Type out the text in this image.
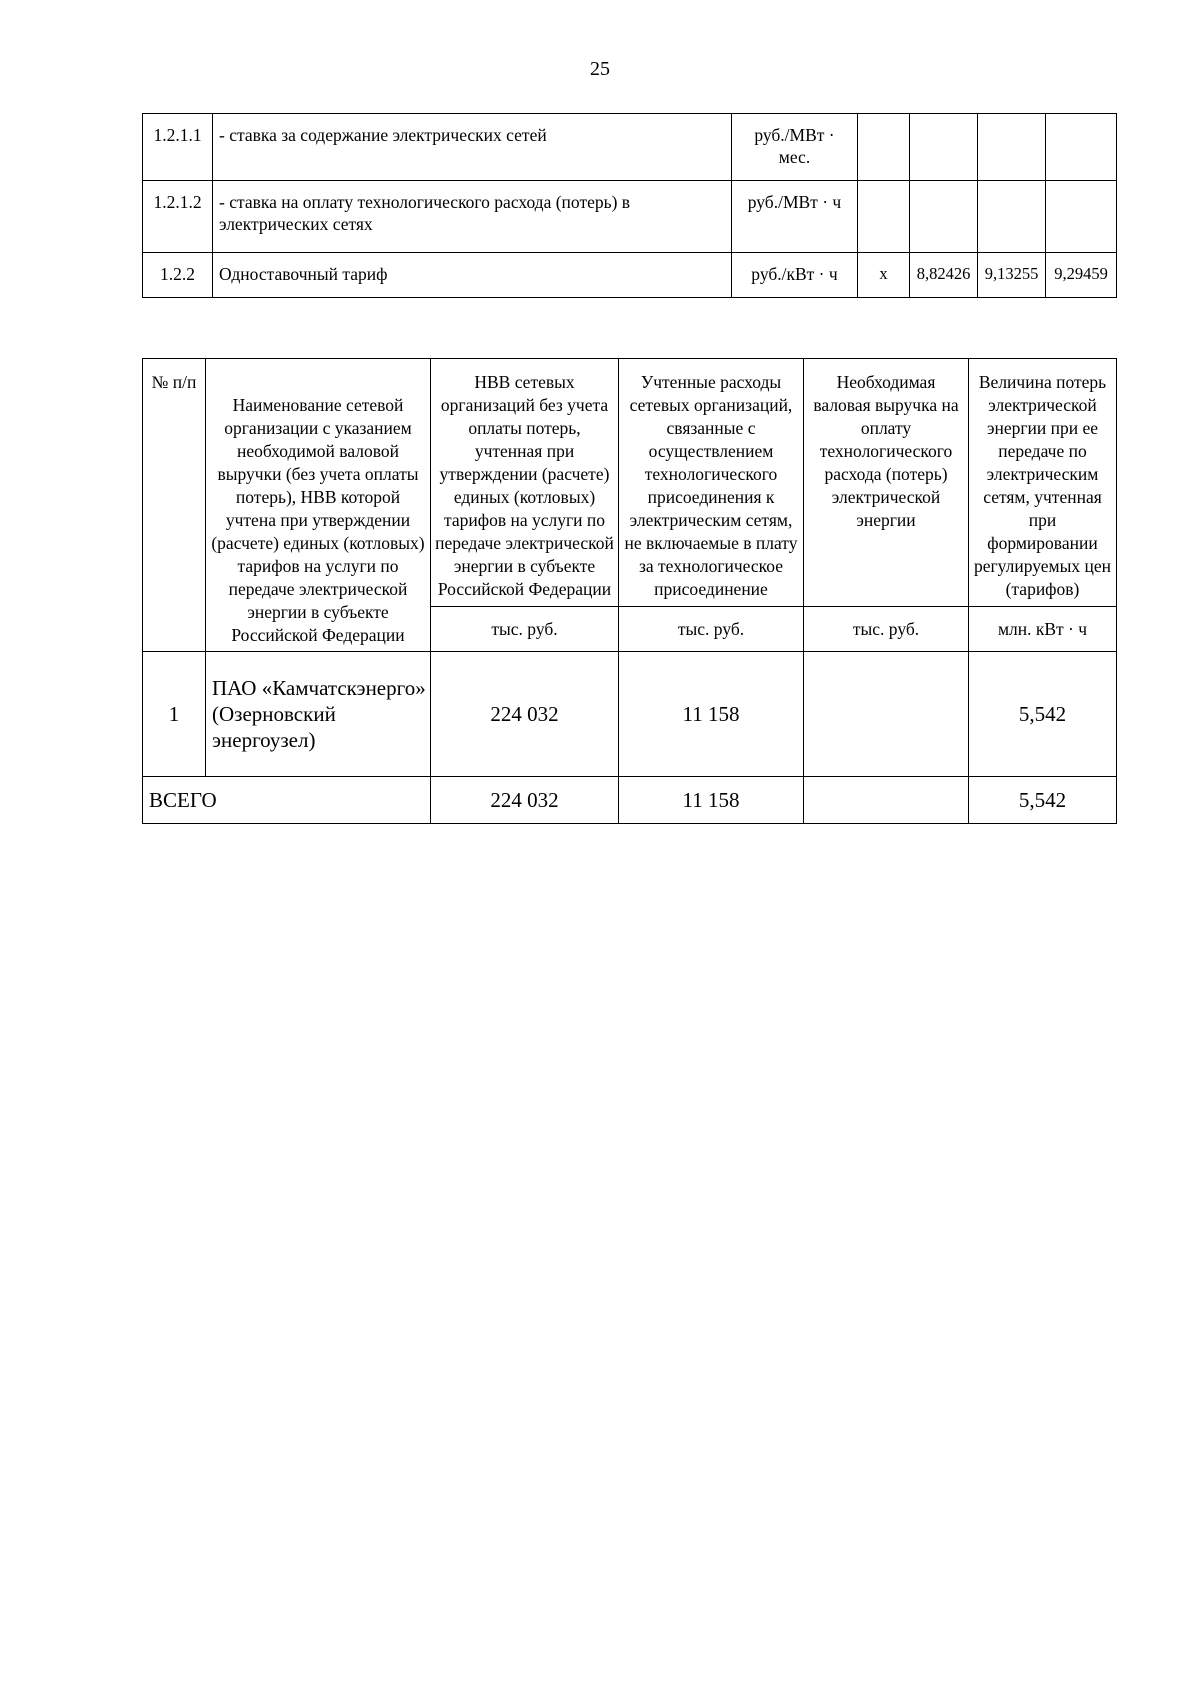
25
1.2.1.1	- ставка за содержание электрических сетей	руб./МВт · мес.				
1.2.1.2	- ставка на оплату технологического расхода (потерь) в электрических сетях	руб./МВт · ч				
1.2.2	Одноставочный тариф	руб./кВт · ч	х	8,82426	9,13255	9,29459
№ п/п	Наименование сетевой организации с указанием необходимой валовой выручки (без учета оплаты потерь), НВВ которой учтена при утверждении (расчете) единых (котловых) тарифов на услуги по передаче электрической энергии в субъекте Российской Федерации	НВВ сетевых организаций без учета оплаты потерь, учтенная при утверждении (расчете) единых (котловых) тарифов на услуги по передаче электрической энергии в субъекте Российской Федерации	Учтенные расходы сетевых организаций, связанные с осуществлением технологического присоединения к электрическим сетям, не включаемые в плату за технологическое присоединение	Необходимая валовая выручка на оплату технологического расхода (потерь) электрической энергии	Величина потерь электрической энергии при ее передаче по электрическим сетям, учтенная при формировании регулируемых цен (тарифов)
		тыс. руб.	тыс. руб.	тыс. руб.	млн. кВт · ч
1	ПАО «Камчатскэнерго» (Озерновский энергоузел)	224 032	11 158		5,542
ВСЕГО		224 032	11 158		5,542
